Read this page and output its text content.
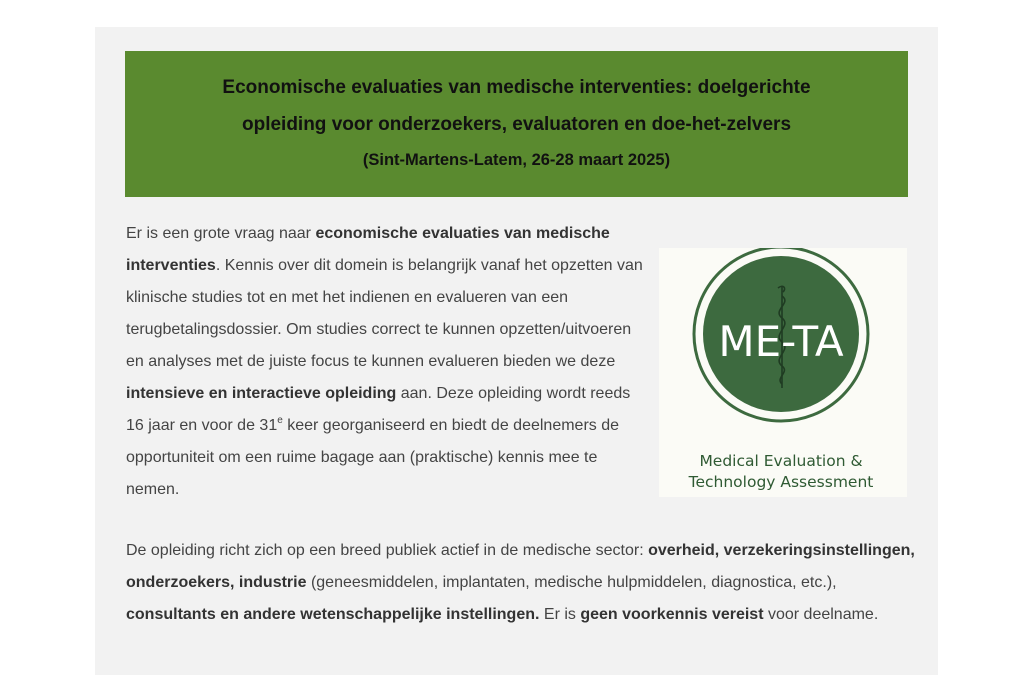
Economische evaluaties van medische interventies: doelgerichte
opleiding voor onderzoekers, evaluatoren en doe-het-zelvers
(Sint-Martens-Latem, 26-28 maart 2025)
Er is een grote vraag naar economische evaluaties van medische interventies. Kennis over dit domein is belangrijk vanaf het opzetten van klinische studies tot en met het indienen en evalueren van een terugbetalingsdossier. Om studies correct te kunnen opzetten/uitvoeren en analyses met de juiste focus te kunnen evalueren bieden we deze intensieve en interactieve opleiding aan. Deze opleiding wordt reeds 16 jaar en voor de 31e keer georganiseerd en biedt de deelnemers de opportuniteit om een ruime bagage aan (praktische) kennis mee te nemen.
ME-TA
Medical Evaluation &
Technology Assessment
De opleiding richt zich op een breed publiek actief in de medische sector: overheid, verzekeringsinstellingen, onderzoekers, industrie (geneesmiddelen, implantaten, medische hulpmiddelen, diagnostica, etc.), consultants en andere wetenschappelijke instellingen. Er is geen voorkennis vereist voor deelname.
